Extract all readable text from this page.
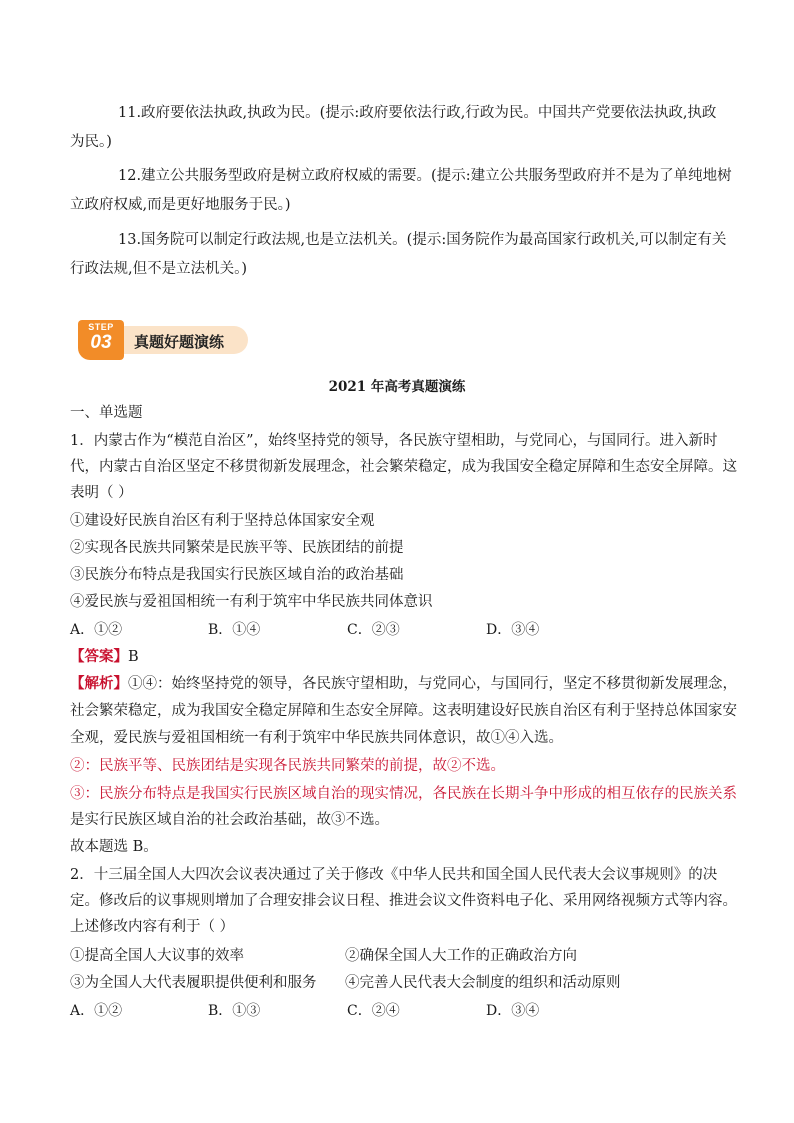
11.政府要依法执政,执政为民。(提示:政府要依法行政,行政为民。中国共产党要依法执政,执政
为民。)
12.建立公共服务型政府是树立政府权威的需要。(提示:建立公共服务型政府并不是为了单纯地树
立政府权威,而是更好地服务于民。)
13.国务院可以制定行政法规,也是立法机关。(提示:国务院作为最高国家行政机关,可以制定有关
行政法规,但不是立法机关。)
STEP
03	真题好题演练
2021 年高考真题演练
一、单选题
1．内蒙古作为“模范自治区”，始终坚持党的领导，各民族守望相助，与党同心，与国同行。进入新时
代，内蒙古自治区坚定不移贯彻新发展理念，社会繁荣稳定，成为我国安全稳定屏障和生态安全屏障。这
表明（ ）
①建设好民族自治区有利于坚持总体国家安全观
②实现各民族共同繁荣是民族平等、民族团结的前提
③民族分布特点是我国实行民族区域自治的政治基础
④爱民族与爱祖国相统一有利于筑牢中华民族共同体意识
A．①②	B．①④	C．②③	D．③④
【答案】B
【解析】①④：始终坚持党的领导，各民族守望相助，与党同心，与国同行，坚定不移贯彻新发展理念，
社会繁荣稳定，成为我国安全稳定屏障和生态安全屏障。这表明建设好民族自治区有利于坚持总体国家安
全观，爱民族与爱祖国相统一有利于筑牢中华民族共同体意识，故①④入选。
②：民族平等、民族团结是实现各民族共同繁荣的前提，故②不选。
③：民族分布特点是我国实行民族区域自治的现实情况，各民族在长期斗争中形成的相互依存的民族关系
是实行民族区域自治的社会政治基础，故③不选。
故本题选 B。
2．十三届全国人大四次会议表决通过了关于修改《中华人民共和国全国人民代表大会议事规则》的决
定。修改后的议事规则增加了合理安排会议日程、推进会议文件资料电子化、采用网络视频方式等内容。
上述修改内容有利于（ ）
①提高全国人大议事的效率	②确保全国人大工作的正确政治方向
③为全国人大代表履职提供便利和服务 ④完善人民代表大会制度的组织和活动原则
A．①②	B．①③	C．②④	D．③④
